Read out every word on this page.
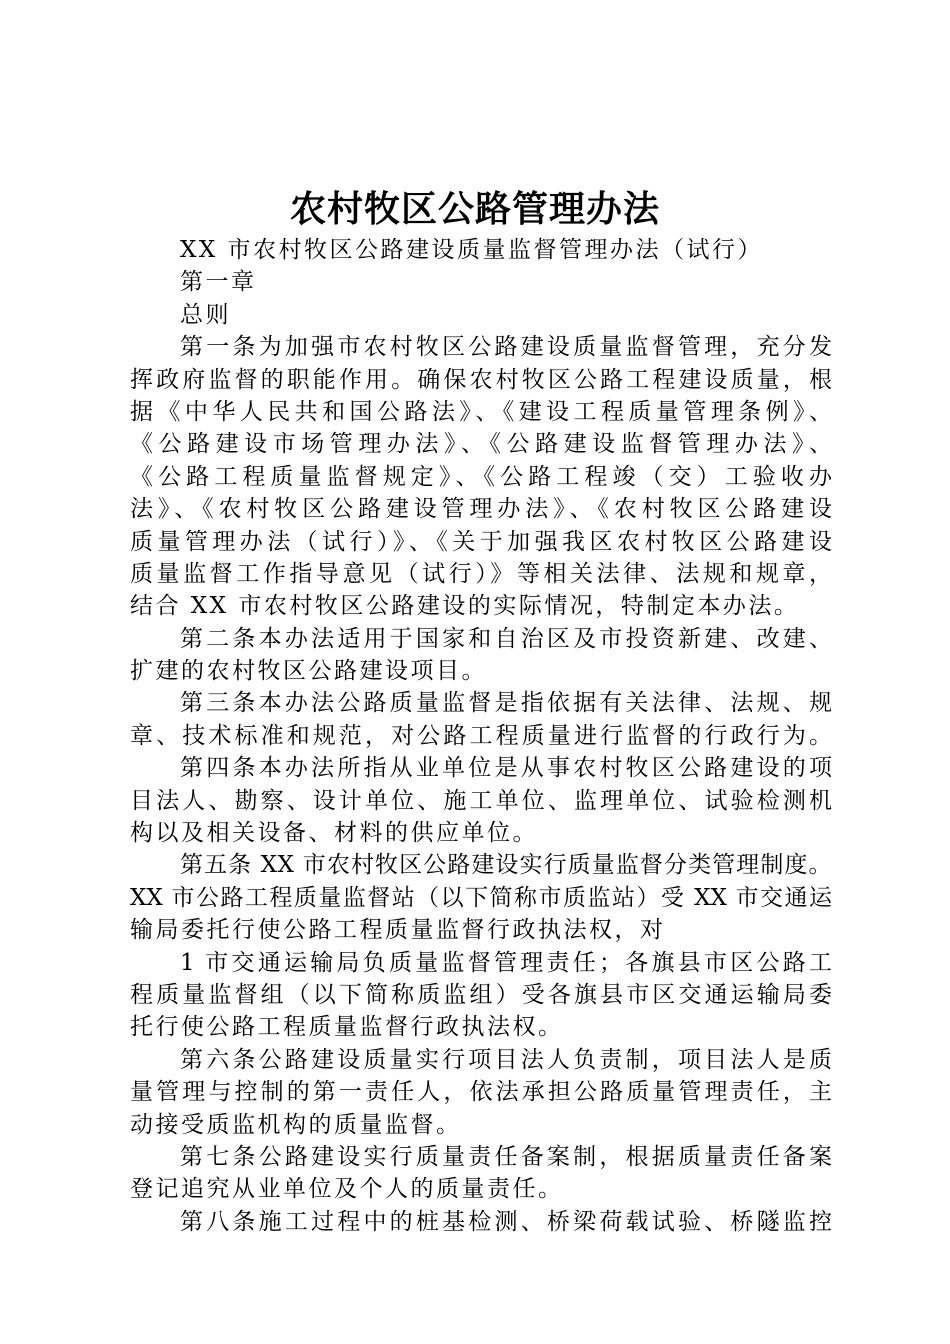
农村牧区公路管理办法
XX 市农村牧区公路建设质量监督管理办法（试行）
第一章
总则
第一条为加强市农村牧区公路建设质量监督管理，充分发
挥政府监督的职能作用。确保农村牧区公路工程建设质量，根
据《中华人民共和国公路法》、《建设工程质量管理条例》、
《公路建设市场管理办法》、《公路建设监督管理办法》、
《公路工程质量监督规定》、《公路工程竣（交）工验收办
法》、《农村牧区公路建设管理办法》、《农村牧区公路建设
质量管理办法（试行）》、《关于加强我区农村牧区公路建设
质量监督工作指导意见（试行）》等相关法律、法规和规章，
结合 XX 市农村牧区公路建设的实际情况，特制定本办法。
第二条本办法适用于国家和自治区及市投资新建、改建、
扩建的农村牧区公路建设项目。
第三条本办法公路质量监督是指依据有关法律、法规、规
章、技术标准和规范，对公路工程质量进行监督的行政行为。
第四条本办法所指从业单位是从事农村牧区公路建设的项
目法人、勘察、设计单位、施工单位、监理单位、试验检测机
构以及相关设备、材料的供应单位。
第五条 XX 市农村牧区公路建设实行质量监督分类管理制度。
XX 市公路工程质量监督站（以下简称市质监站）受 XX 市交通运
输局委托行使公路工程质量监督行政执法权，对
1 市交通运输局负质量监督管理责任；各旗县市区公路工
程质量监督组（以下简称质监组）受各旗县市区交通运输局委
托行使公路工程质量监督行政执法权。
第六条公路建设质量实行项目法人负责制，项目法人是质
量管理与控制的第一责任人，依法承担公路质量管理责任，主
动接受质监机构的质量监督。
第七条公路建设实行质量责任备案制，根据质量责任备案
登记追究从业单位及个人的质量责任。
第八条施工过程中的桩基检测、桥梁荷载试验、桥隧监控
